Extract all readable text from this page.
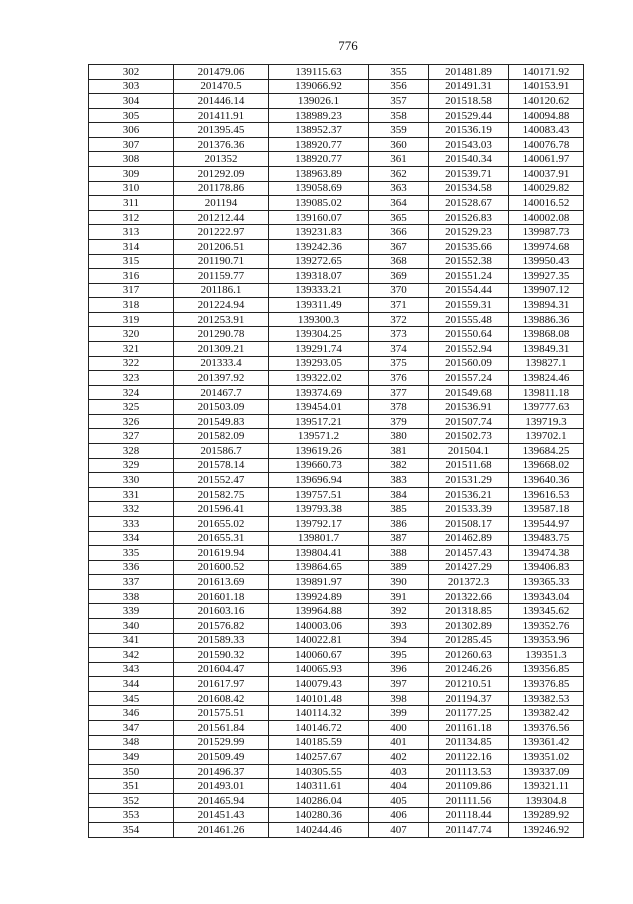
776
302	201479.06	139115.63	355	201481.89	140171.92
303	201470.5	139066.92	356	201491.31	140153.91
304	201446.14	139026.1	357	201518.58	140120.62
305	201411.91	138989.23	358	201529.44	140094.88
306	201395.45	138952.37	359	201536.19	140083.43
307	201376.36	138920.77	360	201543.03	140076.78
308	201352	138920.77	361	201540.34	140061.97
309	201292.09	138963.89	362	201539.71	140037.91
310	201178.86	139058.69	363	201534.58	140029.82
311	201194	139085.02	364	201528.67	140016.52
312	201212.44	139160.07	365	201526.83	140002.08
313	201222.97	139231.83	366	201529.23	139987.73
314	201206.51	139242.36	367	201535.66	139974.68
315	201190.71	139272.65	368	201552.38	139950.43
316	201159.77	139318.07	369	201551.24	139927.35
317	201186.1	139333.21	370	201554.44	139907.12
318	201224.94	139311.49	371	201559.31	139894.31
319	201253.91	139300.3	372	201555.48	139886.36
320	201290.78	139304.25	373	201550.64	139868.08
321	201309.21	139291.74	374	201552.94	139849.31
322	201333.4	139293.05	375	201560.09	139827.1
323	201397.92	139322.02	376	201557.24	139824.46
324	201467.7	139374.69	377	201549.68	139811.18
325	201503.09	139454.01	378	201536.91	139777.63
326	201549.83	139517.21	379	201507.74	139719.3
327	201582.09	139571.2	380	201502.73	139702.1
328	201586.7	139619.26	381	201504.1	139684.25
329	201578.14	139660.73	382	201511.68	139668.02
330	201552.47	139696.94	383	201531.29	139640.36
331	201582.75	139757.51	384	201536.21	139616.53
332	201596.41	139793.38	385	201533.39	139587.18
333	201655.02	139792.17	386	201508.17	139544.97
334	201655.31	139801.7	387	201462.89	139483.75
335	201619.94	139804.41	388	201457.43	139474.38
336	201600.52	139864.65	389	201427.29	139406.83
337	201613.69	139891.97	390	201372.3	139365.33
338	201601.18	139924.89	391	201322.66	139343.04
339	201603.16	139964.88	392	201318.85	139345.62
340	201576.82	140003.06	393	201302.89	139352.76
341	201589.33	140022.81	394	201285.45	139353.96
342	201590.32	140060.67	395	201260.63	139351.3
343	201604.47	140065.93	396	201246.26	139356.85
344	201617.97	140079.43	397	201210.51	139376.85
345	201608.42	140101.48	398	201194.37	139382.53
346	201575.51	140114.32	399	201177.25	139382.42
347	201561.84	140146.72	400	201161.18	139376.56
348	201529.99	140185.59	401	201134.85	139361.42
349	201509.49	140257.67	402	201122.16	139351.02
350	201496.37	140305.55	403	201113.53	139337.09
351	201493.01	140311.61	404	201109.86	139321.11
352	201465.94	140286.04	405	201111.56	139304.8
353	201451.43	140280.36	406	201118.44	139289.92
354	201461.26	140244.46	407	201147.74	139246.92
